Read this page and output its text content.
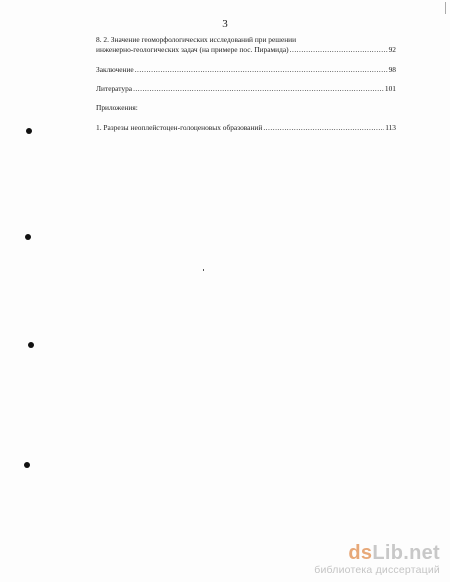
3
8. 2. Значение геоморфологических исследований при решении
инженерно-геологических задач (на примере пос. Пирамида) .....	92
Заключение .....	98
Литература .....	101
Приложения:
1. Разрезы неоплейстоцен-голоценовых образований .....	113
dsLib.net
библиотека диссертаций
